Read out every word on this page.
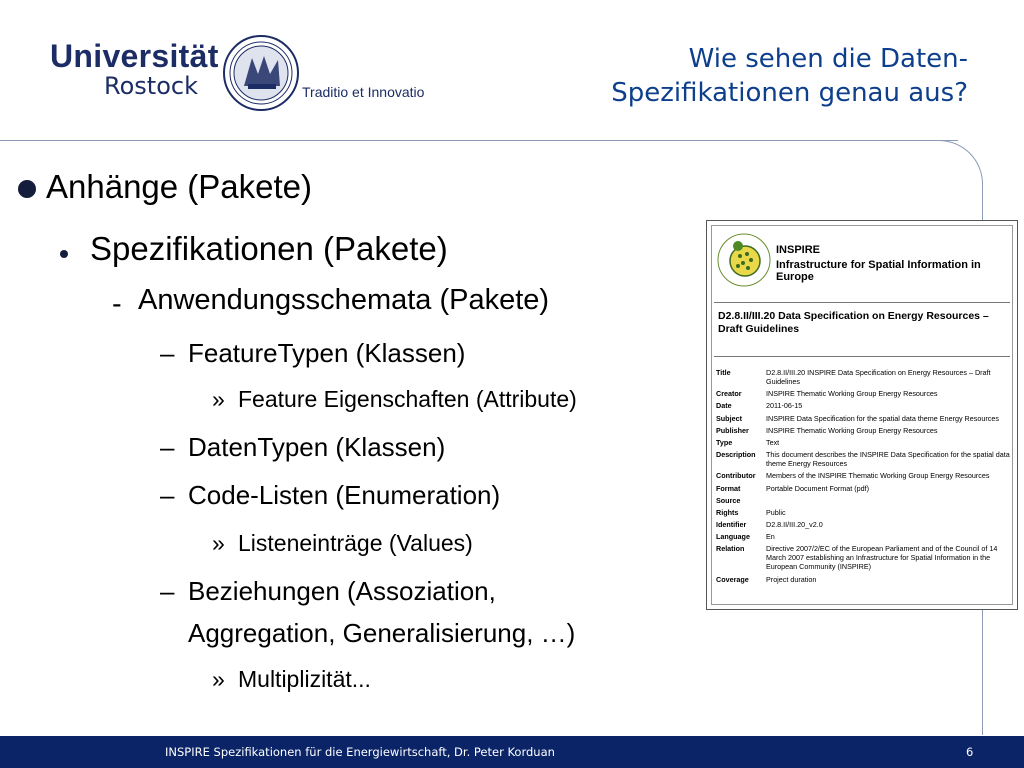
Universität
Rostock	Traditio et Innovatio
Wie sehen die Daten-
Spezifikationen genau aus?
Anhänge (Pakete)
Spezifikationen (Pakete)
- Anwendungsschemata (Pakete)
– FeatureTypen (Klassen)
» Feature Eigenschaften (Attribute)
– DatenTypen (Klassen)
– Code-Listen (Enumeration)
» Listeneinträge (Values)
– Beziehungen (Assoziation,
Aggregation, Generalisierung, …)
» Multiplizität...
INSPIRE
Infrastructure for Spatial Information in Europe
D2.8.II/III.20 Data Specification on Energy Resources – Draft Guidelines
Title	D2.8.II/III.20 INSPIRE Data Specification on Energy Resources – Draft Guidelines
Creator	INSPIRE Thematic Working Group Energy Resources
Date	2011-06-15
Subject	INSPIRE Data Specification for the spatial data theme Energy Resources
Publisher	INSPIRE Thematic Working Group Energy Resources
Type	Text
Description	This document describes the INSPIRE Data Specification for the spatial data theme Energy Resources
Contributor	Members of the INSPIRE Thematic Working Group Energy Resources
Format	Portable Document Format (pdf)
Source
Rights	Public
Identifier	D2.8.II/III.20_v2.0
Language	En
Relation	Directive 2007/2/EC of the European Parliament and of the Council of 14 March 2007 establishing an Infrastructure for Spatial Information in the European Community (INSPIRE)
Coverage	Project duration
INSPIRE Spezifikationen für die Energiewirtschaft, Dr. Peter Korduan	6
